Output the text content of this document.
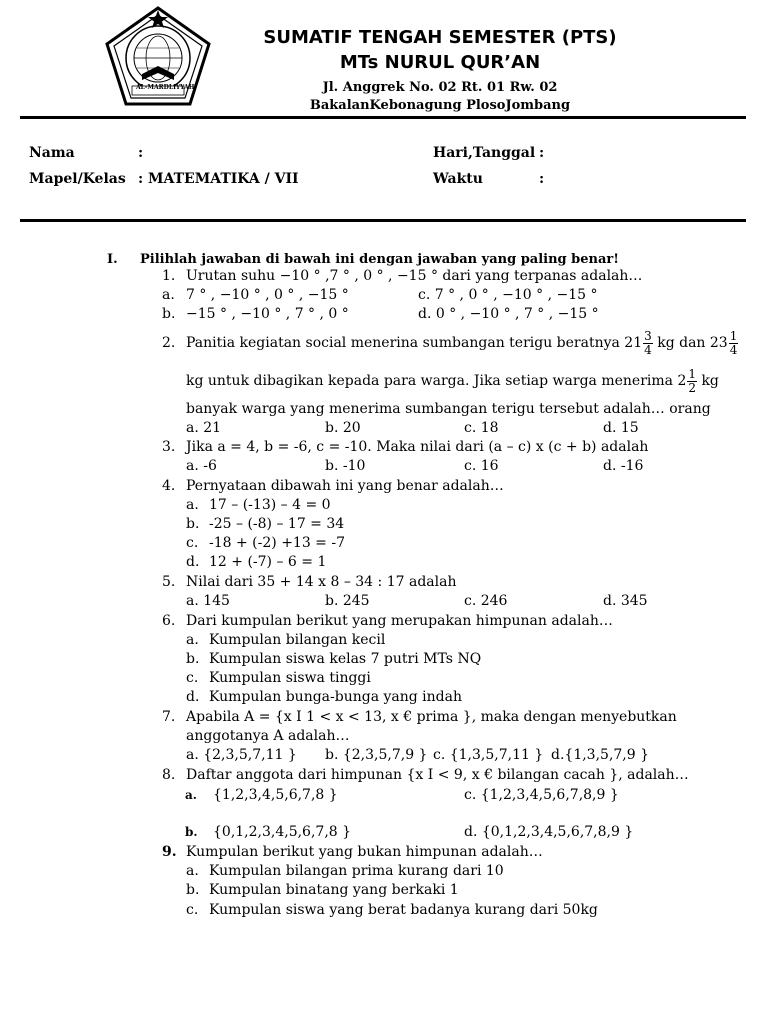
AL-MARDLIYYAH
SUMATIF TENGAH SEMESTER (PTS)
MTs NURUL QUR’AN
Jl. Anggrek No. 02 Rt. 01 Rw. 02
BakalanKebonagung PlosoJombang
Nama	:	Hari,Tanggal :
Mapel/Kelas : MATEMATIKA / VII	Waktu	:
I. Pilihlah jawaban di bawah ini dengan jawaban yang paling benar!
1. Urutan suhu −10 ° ,7 ° , 0 ° , −15 ° dari yang terpanas adalah…
a. 7 ° , −10 ° , 0 ° , −15 °	c. 7 ° , 0 ° , −10 ° , −15 °
b. −15 ° , −10 ° , 7 ° , 0 °	d. 0 ° , −10 ° , 7 ° , −15 °
2. Panitia kegiatan social menerina sumbangan terigu beratnya $21 \frac{3}{4}$ kg dan $23 \frac{1}{4}$
kg untuk dibagikan kepada para warga. Jika setiap warga menerima $2 \frac{1}{2}$ kg
banyak warga yang menerima sumbangan terigu tersebut adalah… orang
a. 21	b. 20	c. 18	d. 15
3. Jika a = 4, b = -6, c = -10. Maka nilai dari (a – c) x (c + b) adalah
a. -6	b. -10	c. 16	d. -16
4. Pernyataan dibawah ini yang benar adalah…
a. 17 – (-13) – 4 = 0
b. -25 – (-8) – 17 = 34
c. -18 + (-2) +13 = -7
d. 12 + (-7) – 6 = 1
5. Nilai dari 35 + 14 x 8 – 34 : 17 adalah
a. 145	b. 245	c. 246	d. 345
6. Dari kumpulan berikut yang merupakan himpunan adalah…
a. Kumpulan bilangan kecil
b. Kumpulan siswa kelas 7 putri MTs NQ
c. Kumpulan siswa tinggi
d. Kumpulan bunga-bunga yang indah
7. Apabila A = {x I 1 < x < 13, x € prima }, maka dengan menyebutkan
anggotanya A adalah…
a. {2,3,5,7,11 } b. {2,3,5,7,9 } c. {1,3,5,7,11 } d.{1,3,5,7,9 }
8. Daftar anggota dari himpunan {x I < 9, x € bilangan cacah }, adalah…
a. {1,2,3,4,5,6,7,8 }	c. {1,2,3,4,5,6,7,8,9 }
b. {0,1,2,3,4,5,6,7,8 }	d. {0,1,2,3,4,5,6,7,8,9 }
9. Kumpulan berikut yang bukan himpunan adalah…
a. Kumpulan bilangan prima kurang dari 10
b. Kumpulan binatang yang berkaki 1
c. Kumpulan siswa yang berat badanya kurang dari 50kg
